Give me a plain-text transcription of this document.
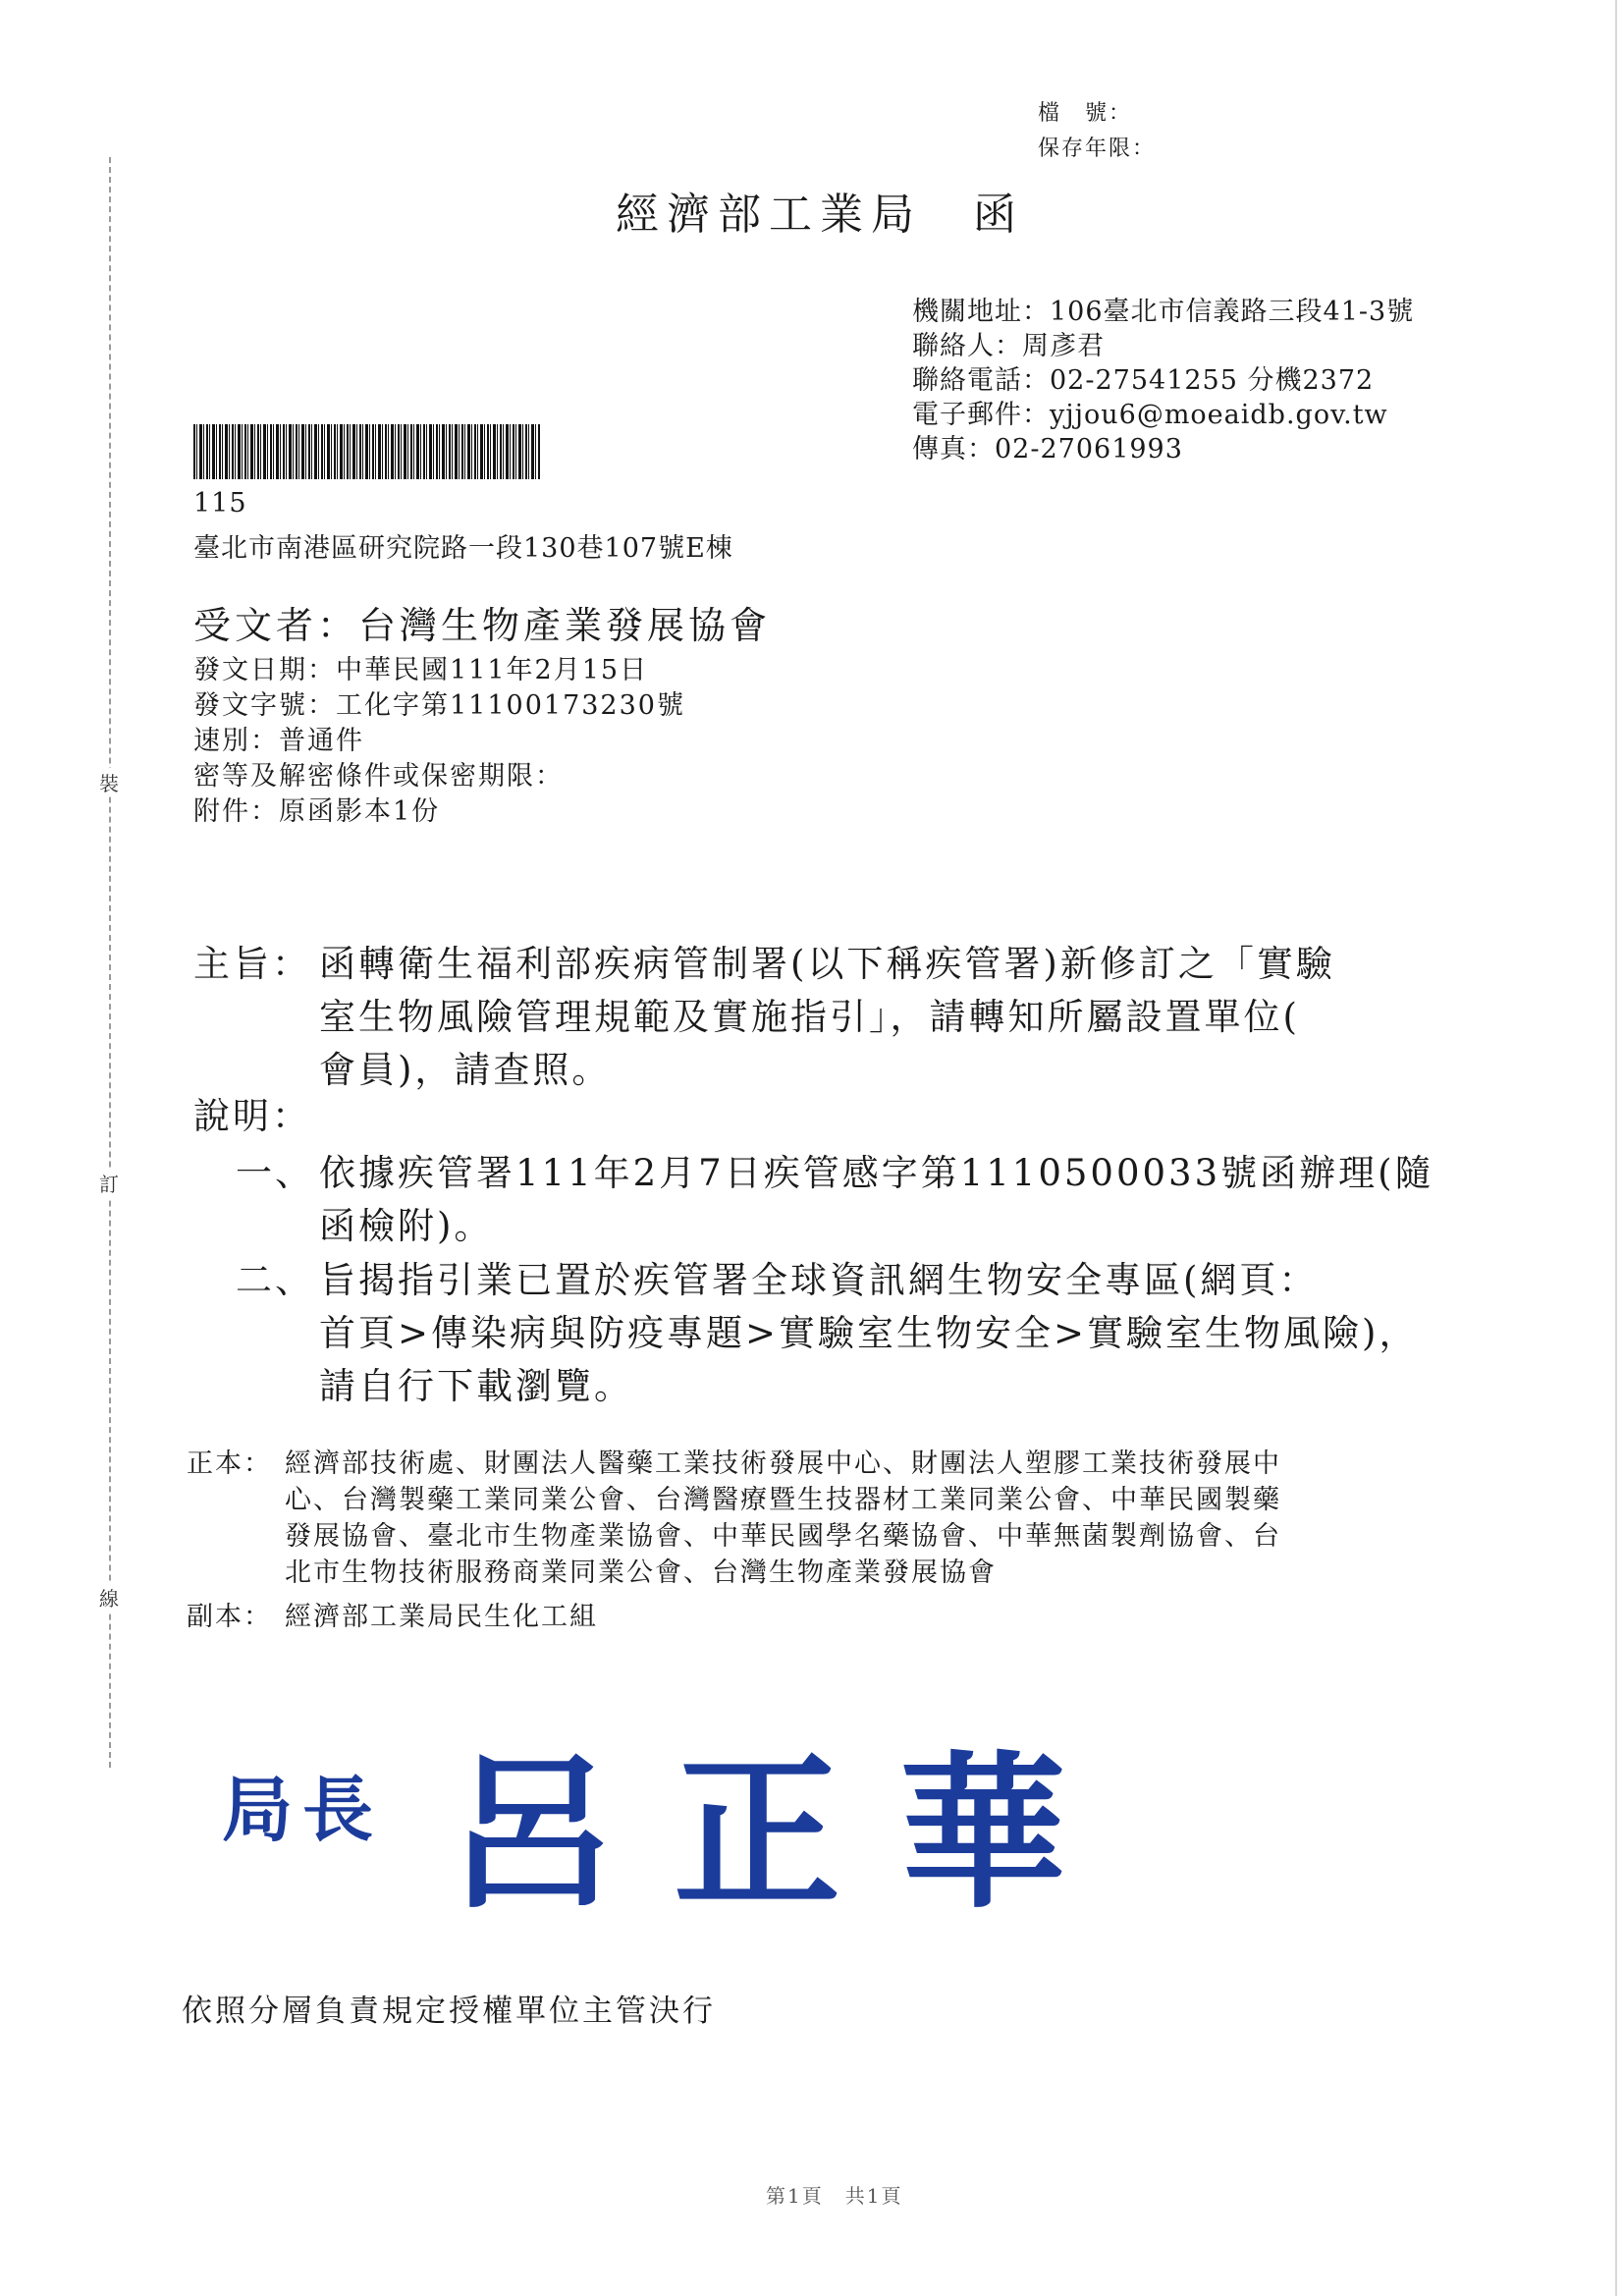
裝
訂
線
檔　號：
保存年限：
經濟部工業局　函
機關地址：106臺北市信義路三段41-3號
聯絡人：周彥君
聯絡電話：02-27541255 分機2372
電子郵件：yjjou6@moeaidb.gov.tw
傳真：02-27061993
115
臺北市南港區研究院路一段130巷107號E棟
受文者：台灣生物產業發展協會
發文日期：中華民國111年2月15日
發文字號：工化字第11100173230號
速別：普通件
密等及解密條件或保密期限：
附件：原函影本1份
主旨： 函轉衛生福利部疾病管制署(以下稱疾管署)新修訂之「實驗

室生物風險管理規範及實施指引」，請轉知所屬設置單位(

會員)，請查照。

說明：
一、 依據疾管署111年2月7日疾管感字第1110500033號函辦理(隨

函檢附)。

二、 旨揭指引業已置於疾管署全球資訊網生物安全專區(網頁：

首頁>傳染病與防疫專題>實驗室生物安全>實驗室生物風險)，

請自行下載瀏覽。

正本： 經濟部技術處、財團法人醫藥工業技術發展中心、財團法人塑膠工業技術發展中
心、台灣製藥工業同業公會、台灣醫療暨生技器材工業同業公會、中華民國製藥
發展協會、臺北市生物產業協會、中華民國學名藥協會、中華無菌製劑協會、台
北市生物技術服務商業同業公會、台灣生物產業發展協會
副本： 經濟部工業局民生化工組
局長 呂正華
依照分層負責規定授權單位主管決行
第1頁　共1頁
